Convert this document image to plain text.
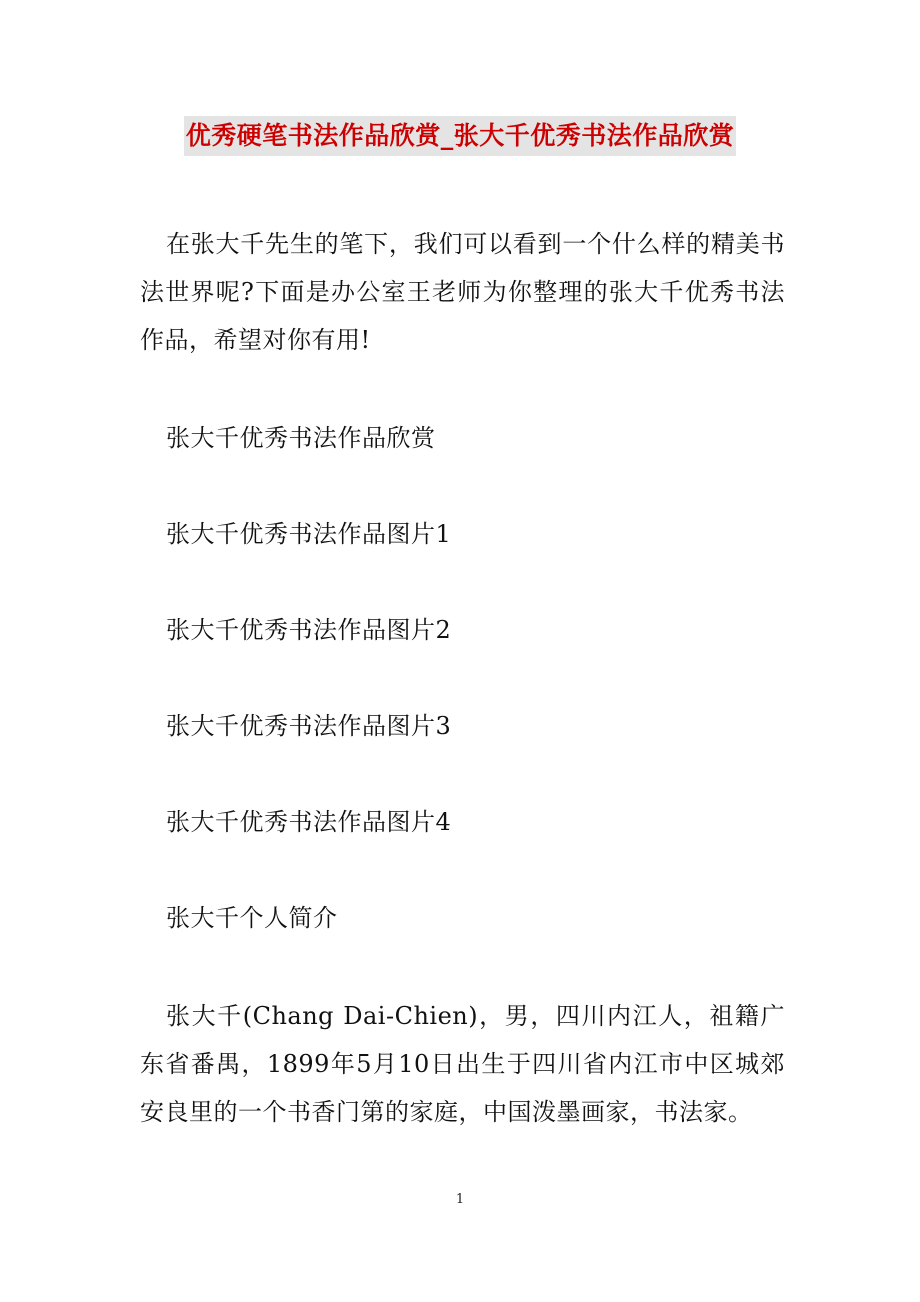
优秀硬笔书法作品欣赏_张大千优秀书法作品欣赏

在张大千先生的笔下，我们可以看到一个什么样的精美书法世界呢?下面是办公室王老师为你整理的张大千优秀书法作品，希望对你有用!

张大千优秀书法作品欣赏

张大千优秀书法作品图片1

张大千优秀书法作品图片2

张大千优秀书法作品图片3

张大千优秀书法作品图片4

张大千个人简介

张大千(Chang Dai-Chien)，男，四川内江人，祖籍广东省番禺，1899年5月10日出生于四川省内江市中区城郊安良里的一个书香门第的家庭，中国泼墨画家，书法家。

1
